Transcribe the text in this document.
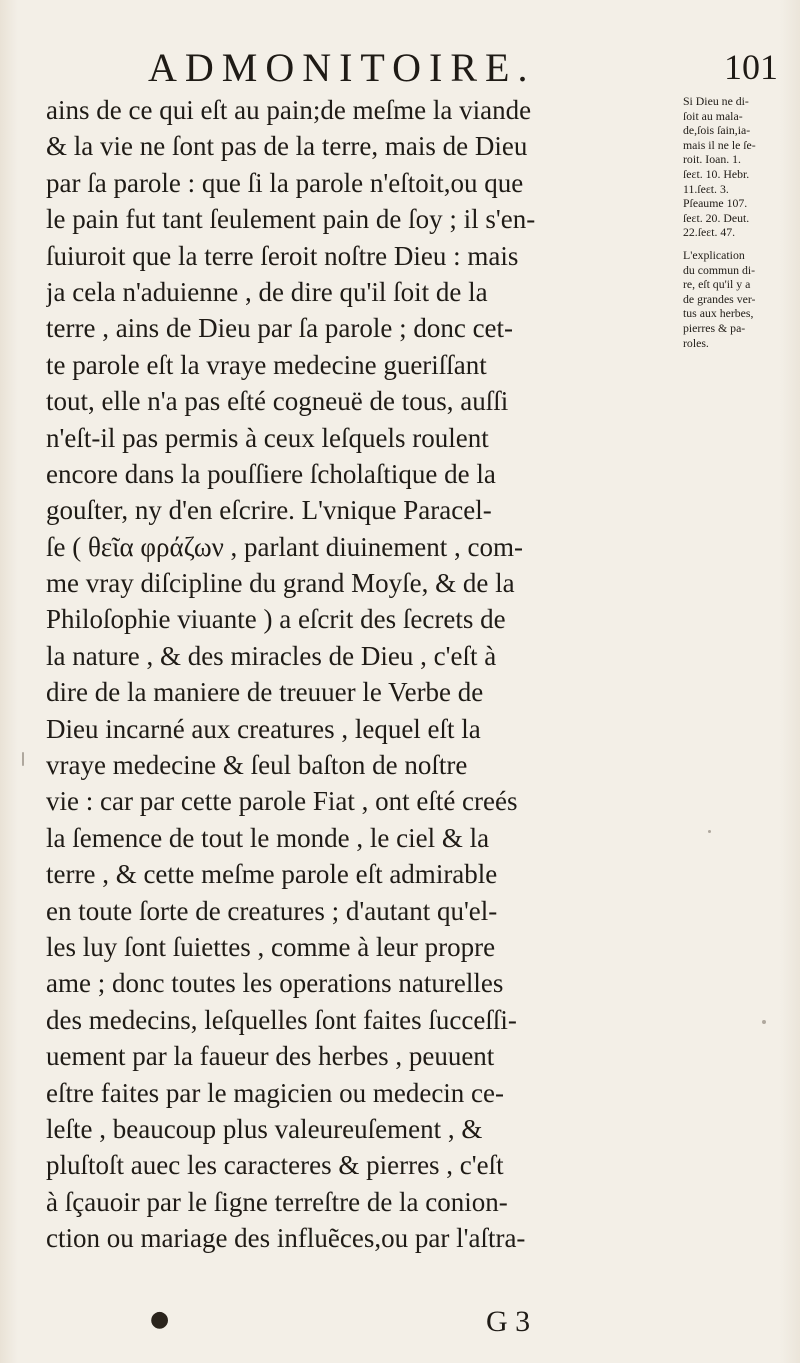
ADMONITOIRE.	101
ains de ce qui eſt au pain;de meſme la viande
& la vie ne ſont pas de la terre, mais de Dieu
par ſa parole : que ſi la parole n'eſtoit,ou que
le pain fut tant ſeulement pain de ſoy ; il s'en-
ſuiuroit que la terre ſeroit noſtre Dieu : mais
ja cela n'aduienne , de dire qu'il ſoit de la
terre , ains de Dieu par ſa parole ; donc cet-
te parole eſt la vraye medecine gueriſſant
tout, elle n'a pas eſté cogneuë de tous, auſſi
n'eſt-il pas permis à ceux leſquels roulent
encore dans la pouſſiere ſcholaſtique de la
gouſter, ny d'en eſcrire. L'vnique Paracel-
ſe ( θεῖα φράζων , parlant diuinement , com-
me vray diſcipline du grand Moyſe, & de la
Philoſophie viuante ) a eſcrit des ſecrets de
la nature , & des miracles de Dieu , c'eſt à
dire de la maniere de treuuer le Verbe de
Dieu incarné aux creatures , lequel eſt la
vraye medecine & ſeul baſton de noſtre
vie : car par cette parole Fiat , ont eſté creés
la ſemence de tout le monde , le ciel & la
terre , & cette meſme parole eſt admirable
en toute ſorte de creatures ; d'autant qu'el-
les luy ſont ſuiettes , comme à leur propre
ame ; donc toutes les operations naturelles
des medecins, leſquelles ſont faites ſucceſſi-
uement par la faueur des herbes , peuuent
eſtre faites par le magicien ou medecin ce-
leſte , beaucoup plus valeureuſement , &
pluſtoſt auec les caracteres & pierres , c'eſt
à ſçauoir par le ſigne terreſtre de la conion-
ction ou mariage des influẽces,ou par l'aſtra-
Si Dieu ne di-
ſoit au mala-
de,ſois ſain,ia-
mais il ne le ſe-
roit. Ioan. 1.
ſeɛt. 10. Hebr.
11.ſeɛt. 3.
Pſeaume 107.
ſeɛt. 20. Deut.
22.ſeɛt. 47.
L'explication
du commun di-
re, eſt qu'il y a
de grandes ver-
tus aux herbes,
pierres & pa-
roles.
●	G 3
